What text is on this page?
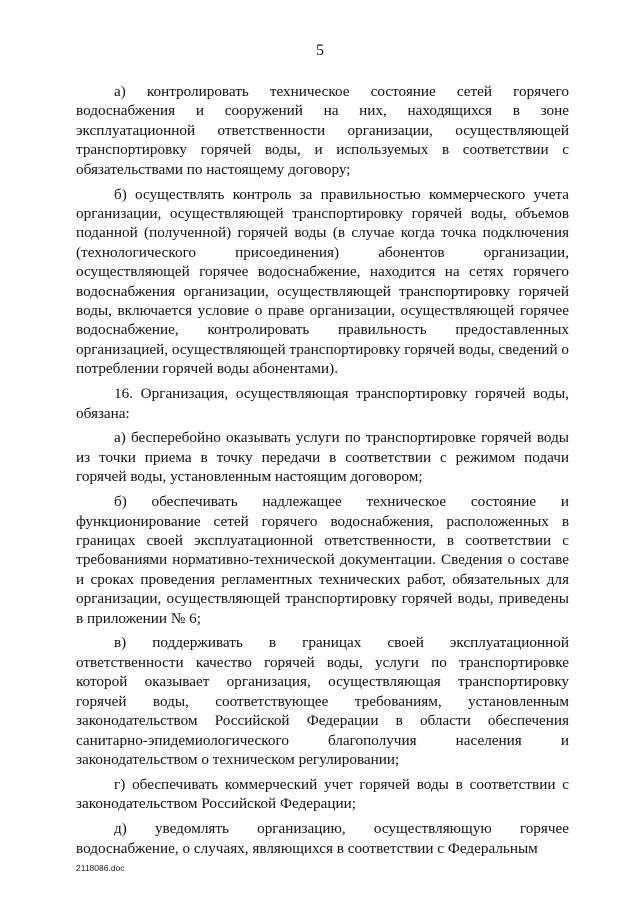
5

а) контролировать техническое состояние сетей горячего водоснабжения и сооружений на них, находящихся в зоне эксплуатационной ответственности организации, осуществляющей транспортировку горячей воды, и используемых в соответствии с обязательствами по настоящему договору;

б) осуществлять контроль за правильностью коммерческого учета организации, осуществляющей транспортировку горячей воды, объемов поданной (полученной) горячей воды (в случае когда точка подключения (технологического присоединения) абонентов организации, осуществляющей горячее водоснабжение, находится на сетях горячего водоснабжения организации, осуществляющей транспортировку горячей воды, включается условие о праве организации, осуществляющей горячее водоснабжение, контролировать правильность предоставленных организацией, осуществляющей транспортировку горячей воды, сведений о потреблении горячей воды абонентами).

16. Организация, осуществляющая транспортировку горячей воды, обязана:

а) бесперебойно оказывать услуги по транспортировке горячей воды из точки приема в точку передачи в соответствии с режимом подачи горячей воды, установленным настоящим договором;

б) обеспечивать надлежащее техническое состояние и функционирование сетей горячего водоснабжения, расположенных в границах своей эксплуатационной ответственности, в соответствии с требованиями нормативно-технической документации. Сведения о составе и сроках проведения регламентных технических работ, обязательных для организации, осуществляющей транспортировку горячей воды, приведены в приложении № 6;

в) поддерживать в границах своей эксплуатационной ответственности качество горячей воды, услуги по транспортировке которой оказывает организация, осуществляющая транспортировку горячей воды, соответствующее требованиям, установленным законодательством Российской Федерации в области обеспечения санитарно-эпидемиологического благополучия населения и законодательством о техническом регулировании;

г) обеспечивать коммерческий учет горячей воды в соответствии с законодательством Российской Федерации;

д) уведомлять организацию, осуществляющую горячее водоснабжение, о случаях, являющихся в соответствии с Федеральным

2118086.doc
